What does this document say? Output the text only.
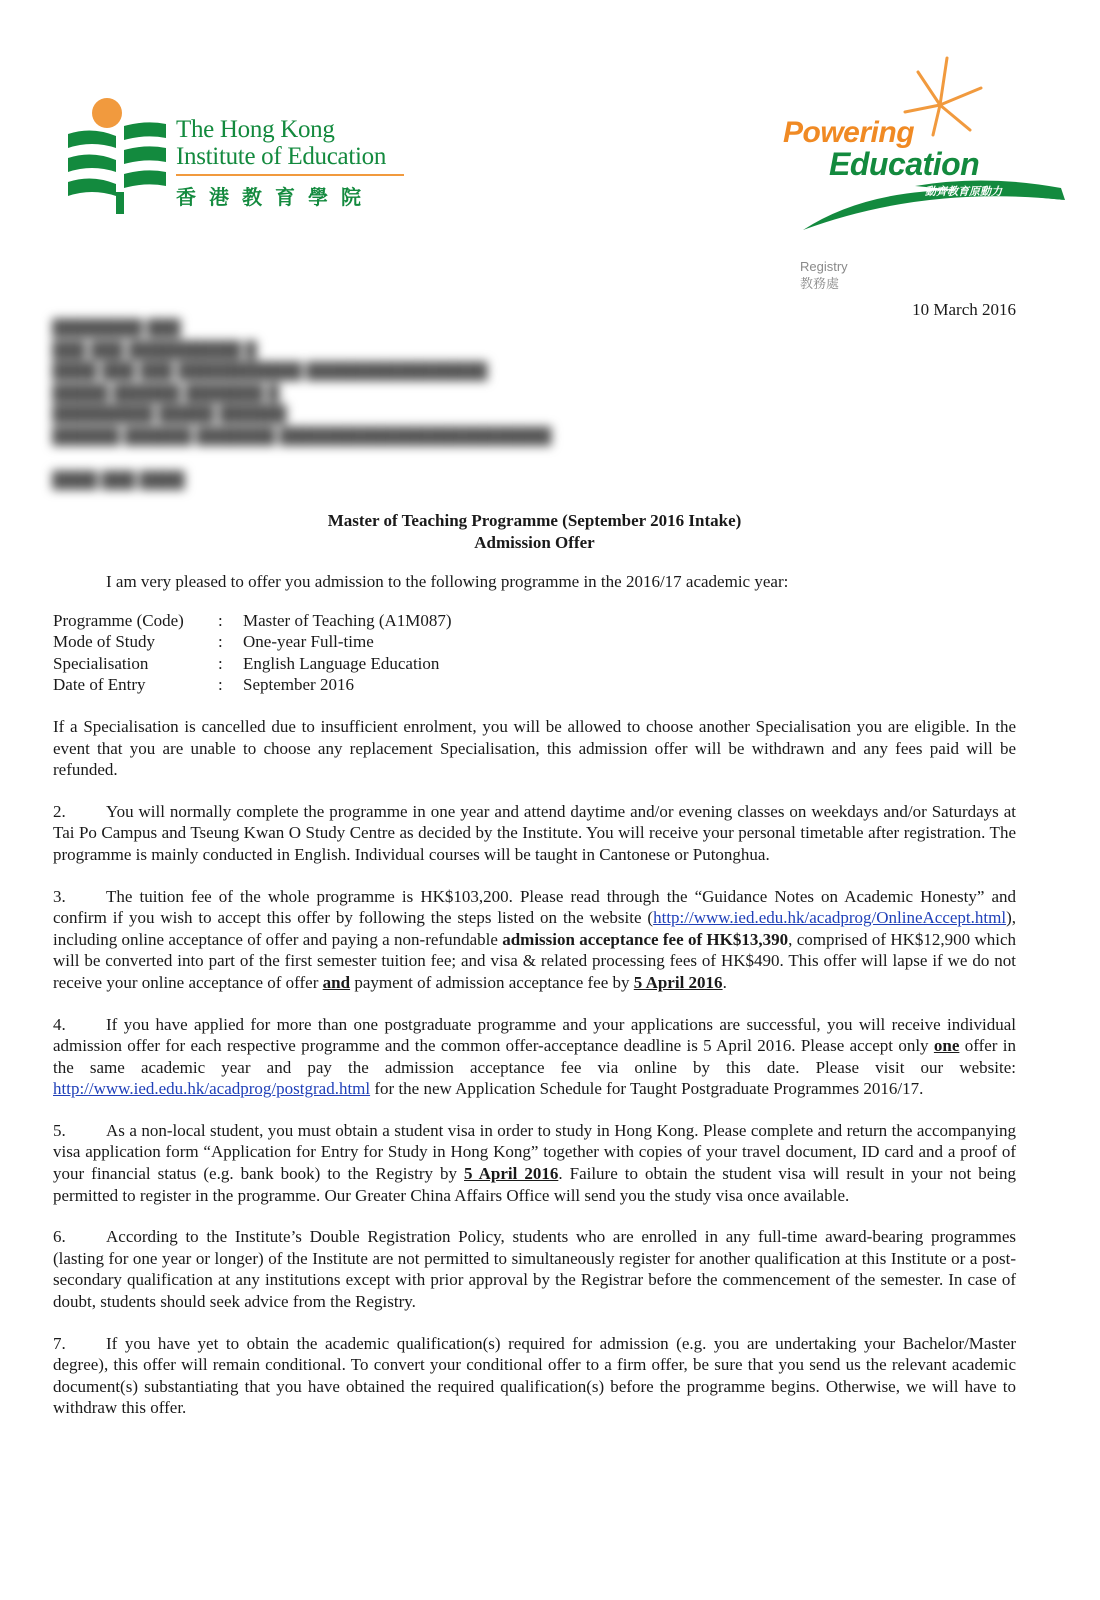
The Hong Kong
Institute of Education
香港教育學院
Powering
Education
動齊教育原動力
Registry
教務處
10 March 2016
████████ ███
███ ███ ██████████ █
████ ███ ███ ███████████ ████████████████
█████ ██████ ███████ █
█████████ █████ ██████
██████ ██████ ███████ ████████████████████████
████ ███ ████

Master of Teaching Programme (September 2016 Intake)
Admission Offer

I am very pleased to offer you admission to the following programme in the 2016/17 academic year:

Programme (Code)	:	Master of Teaching (A1M087)
Mode of Study	:	One-year Full-time
Specialisation	:	English Language Education
Date of Entry	:	September 2016

If a Specialisation is cancelled due to insufficient enrolment, you will be allowed to choose another Specialisation you are eligible. In the event that you are unable to choose any replacement Specialisation, this admission offer will be withdrawn and any fees paid will be refunded.

2. You will normally complete the programme in one year and attend daytime and/or evening classes on weekdays and/or Saturdays at Tai Po Campus and Tseung Kwan O Study Centre as decided by the Institute. You will receive your personal timetable after registration. The programme is mainly conducted in English. Individual courses will be taught in Cantonese or Putonghua.

3. The tuition fee of the whole programme is HK$103,200. Please read through the “Guidance Notes on Academic Honesty” and confirm if you wish to accept this offer by following the steps listed on the website (http://www.ied.edu.hk/acadprog/OnlineAccept.html), including online acceptance of offer and paying a non-refundable admission acceptance fee of HK$13,390, comprised of HK$12,900 which will be converted into part of the first semester tuition fee; and visa & related processing fees of HK$490. This offer will lapse if we do not receive your online acceptance of offer and payment of admission acceptance fee by 5 April 2016.

4. If you have applied for more than one postgraduate programme and your applications are successful, you will receive individual admission offer for each respective programme and the common offer-acceptance deadline is 5 April 2016. Please accept only one offer in the same academic year and pay the admission acceptance fee via online by this date. Please visit our website: http://www.ied.edu.hk/acadprog/postgrad.html for the new Application Schedule for Taught Postgraduate Programmes 2016/17.

5. As a non-local student, you must obtain a student visa in order to study in Hong Kong. Please complete and return the accompanying visa application form “Application for Entry for Study in Hong Kong” together with copies of your travel document, ID card and a proof of your financial status (e.g. bank book) to the Registry by 5 April 2016. Failure to obtain the student visa will result in your not being permitted to register in the programme. Our Greater China Affairs Office will send you the study visa once available.

6. According to the Institute’s Double Registration Policy, students who are enrolled in any full-time award-bearing programmes (lasting for one year or longer) of the Institute are not permitted to simultaneously register for another qualification at this Institute or a post-secondary qualification at any institutions except with prior approval by the Registrar before the commencement of the semester. In case of doubt, students should seek advice from the Registry.

7. If you have yet to obtain the academic qualification(s) required for admission (e.g. you are undertaking your Bachelor/Master degree), this offer will remain conditional. To convert your conditional offer to a firm offer, be sure that you send us the relevant academic document(s) substantiating that you have obtained the required qualification(s) before the programme begins. Otherwise, we will have to withdraw this offer.
